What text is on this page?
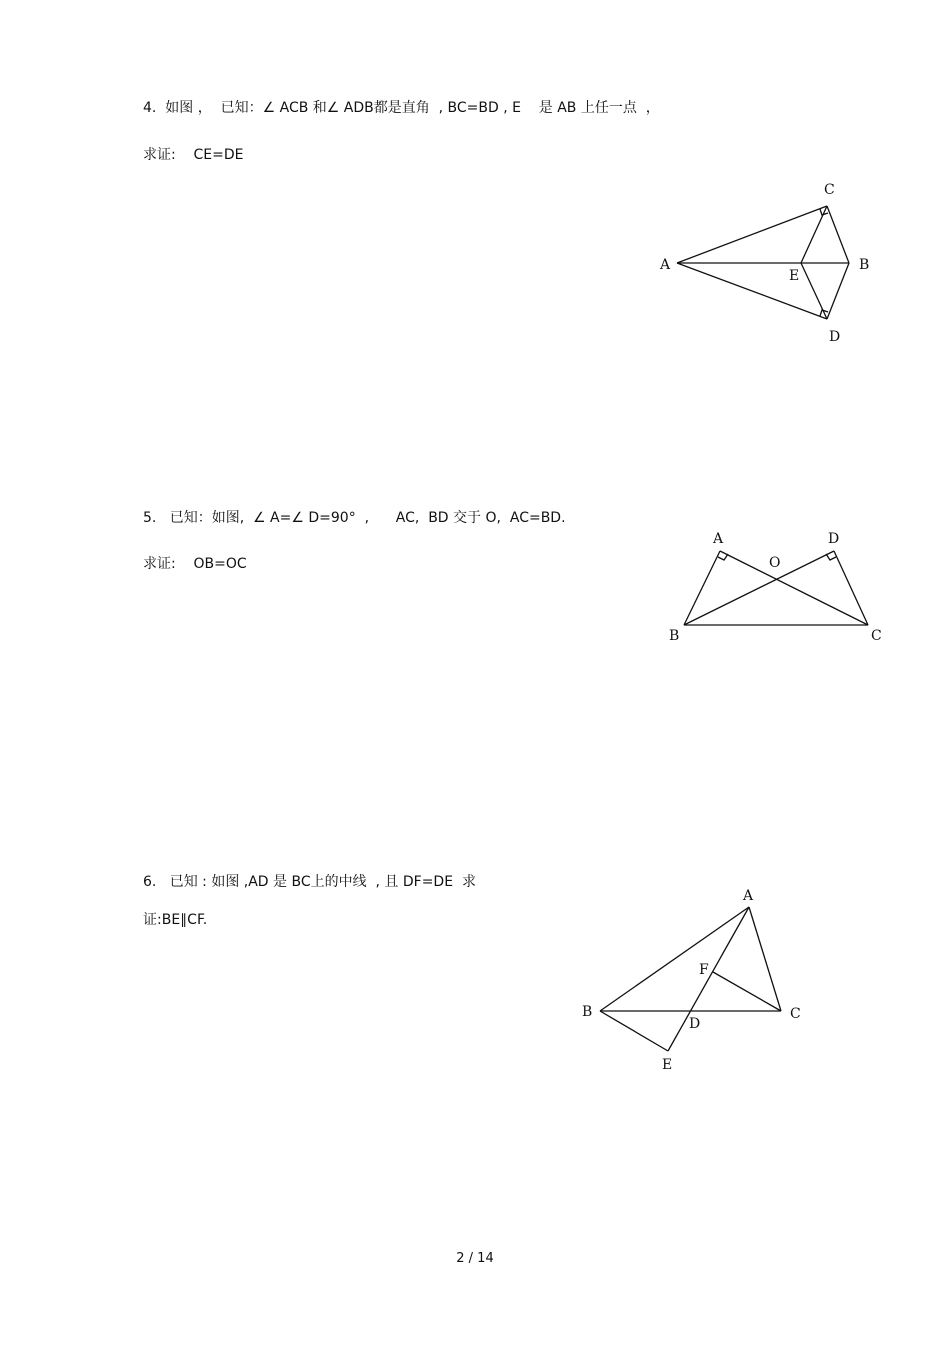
4.  如图 ，  已知：∠ ACB 和∠ ADB都是直角  , BC=BD , E    是 AB 上任一点  ，
求证:    CE=DE
A
C
B
E
D
5.   已知：如图,  ∠ A=∠ D=90°  ,      AC,  BD 交于 O,  AC=BD.
求证:    OB=OC
A	D
O
B	C
6.   已知 : 如图 ,AD 是 BC上的中线  , 且 DF=DE  求
证:BE∥CF.
A
F
B
D
C
E
2 / 14
